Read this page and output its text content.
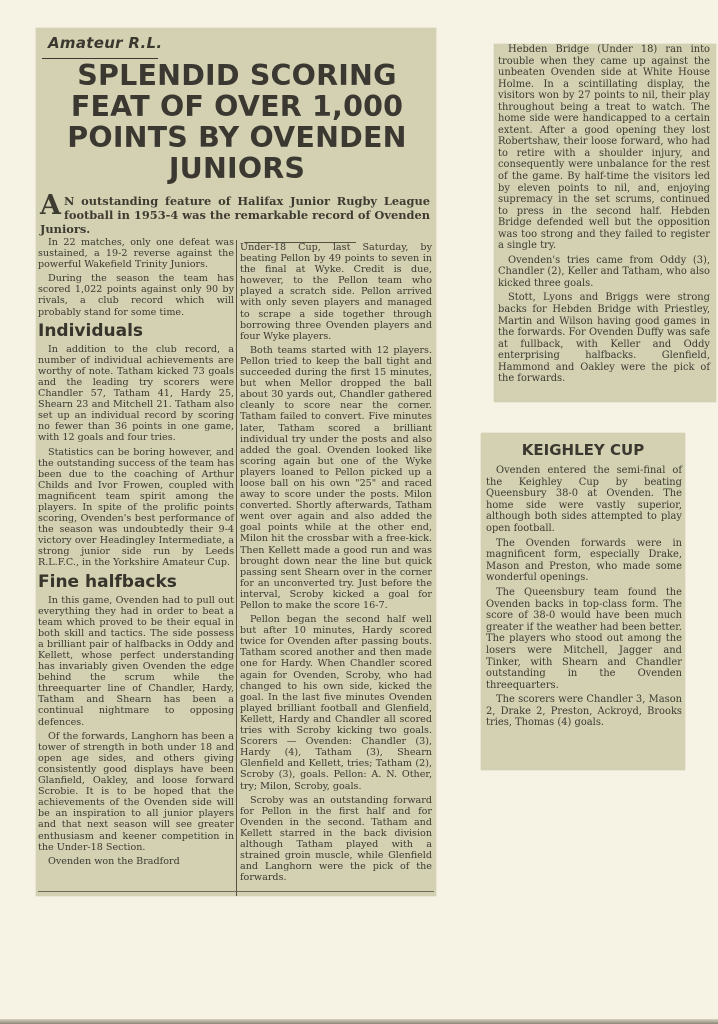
Amateur R.L.
SPLENDID SCORING FEAT OF OVER 1,000 POINTS BY OVENDEN JUNIORS
A N outstanding feature of Halifax Junior Rugby League football in 1953-4 was the remarkable record of Ovenden Juniors.

In 22 matches, only one defeat was sustained, a 19-2 reverse against the powerful Wakefield Trinity Juniors.

During the season the team has scored 1,022 points against only 90 by rivals, a club record which will probably stand for some time.

Individuals

In addition to the club record, a number of individual achievements are worthy of note. Tatham kicked 73 goals and the leading try scorers were Chandler 57, Tatham 41, Hardy 25, Shearn 23 and Mitchell 21. Tatham also set up an individual record by scoring no fewer than 36 points in one game, with 12 goals and four tries.

Statistics can be boring however, and the outstanding success of the team has been due to the coaching of Arthur Childs and Ivor Frowen, coupled with magnificent team spirit among the players. In spite of the prolific points scoring, Ovenden's best performance of the season was undoubtedly their 9-4 victory over Headingley Intermediate, a strong junior side run by Leeds R.L.F.C., in the Yorkshire Amateur Cup.

Fine halfbacks

In this game, Ovenden had to pull out everything they had in order to beat a team which proved to be their equal in both skill and tactics. The side possess a brilliant pair of halfbacks in Oddy and Kellett, whose perfect understanding has invariably given Ovenden the edge behind the scrum while the threequarter line of Chandler, Hardy, Tatham and Shearn has been a continual nightmare to opposing defences.

Of the forwards, Langhorn has been a tower of strength in both under 18 and open age sides, and others giving consistently good displays have been Glanfield, Oakley, and loose forward Scrobie. It is to be hoped that the achievements of the Ovenden side will be an inspiration to all junior players and that next season will see greater enthusiasm and keener competition in the Under-18 Section.

Ovenden won the Bradford

Under-18 Cup, last Saturday, by beating Pellon by 49 points to seven in the final at Wyke. Credit is due, however, to the Pellon team who played a scratch side. Pellon arrived with only seven players and managed to scrape a side together through borrowing three Ovenden players and four Wyke players.

Both teams started with 12 players. Pellon tried to keep the ball tight and succeeded during the first 15 minutes, but when Mellor dropped the ball about 30 yards out, Chandler gathered cleanly to score near the corner. Tatham failed to convert. Five minutes later, Tatham scored a brilliant individual try under the posts and also added the goal. Ovenden looked like scoring again but one of the Wyke players loaned to Pellon picked up a loose ball on his own "25" and raced away to score under the posts. Milon converted. Shortly afterwards, Tatham went over again and also added the goal points while at the other end, Milon hit the crossbar with a free-kick. Then Kellett made a good run and was brought down near the line but quick passing sent Shearn over in the corner for an unconverted try. Just before the interval, Scroby kicked a goal for Pellon to make the score 16-7.

Pellon began the second half well but after 10 minutes, Hardy scored twice for Ovenden after passing bouts. Tatham scored another and then made one for Hardy. When Chandler scored again for Ovenden, Scroby, who had changed to his own side, kicked the goal. In the last five minutes Ovenden played brilliant football and Glenfield, Kellett, Hardy and Chandler all scored tries with Scroby kicking two goals. Scorers — Ovenden: Chandler (3), Hardy (4), Tatham (3), Shearn Glenfield and Kellett, tries; Tatham (2), Scroby (3), goals. Pellon: A. N. Other, try; Milon, Scroby, goals.

Scroby was an outstanding forward for Pellon in the first half and for Ovenden in the second. Tatham and Kellett starred in the back division although Tatham played with a strained groin muscle, while Glenfield and Langhorn were the pick of the forwards.

Hebden Bridge (Under 18) ran into trouble when they came up against the unbeaten Ovenden side at White House Holme. In a scintillating display, the visitors won by 27 points to nil, their play throughout being a treat to watch. The home side were handicapped to a certain extent. After a good opening they lost Robertshaw, their loose forward, who had to retire with a shoulder injury, and consequently were unbalance for the rest of the game. By half-time the visitors led by eleven points to nil, and, enjoying supremacy in the set scrums, continued to press in the second half. Hebden Bridge defended well but the opposition was too strong and they failed to register a single try.

Ovenden's tries came from Oddy (3), Chandler (2), Keller and Tatham, who also kicked three goals.

Stott, Lyons and Briggs were strong backs for Hebden Bridge with Priestley, Martin and Wilson having good games in the forwards. For Ovenden Duffy was safe at fullback, with Keller and Oddy enterprising halfbacks. Glenfield, Hammond and Oakley were the pick of the forwards.

KEIGHLEY CUP

Ovenden entered the semi-final of the Keighley Cup by beating Queensbury 38-0 at Ovenden. The home side were vastly superior, although both sides attempted to play open football.

The Ovenden forwards were in magnificent form, especially Drake, Mason and Preston, who made some wonderful openings.

The Queensbury team found the Ovenden backs in top-class form. The score of 38-0 would have been much greater if the weather had been better. The players who stood out among the losers were Mitchell, Jagger and Tinker, with Shearn and Chandler outstanding in the Ovenden threequarters.

The scorers were Chandler 3, Mason 2, Drake 2, Preston, Ackroyd, Brooks tries, Thomas (4) goals.
